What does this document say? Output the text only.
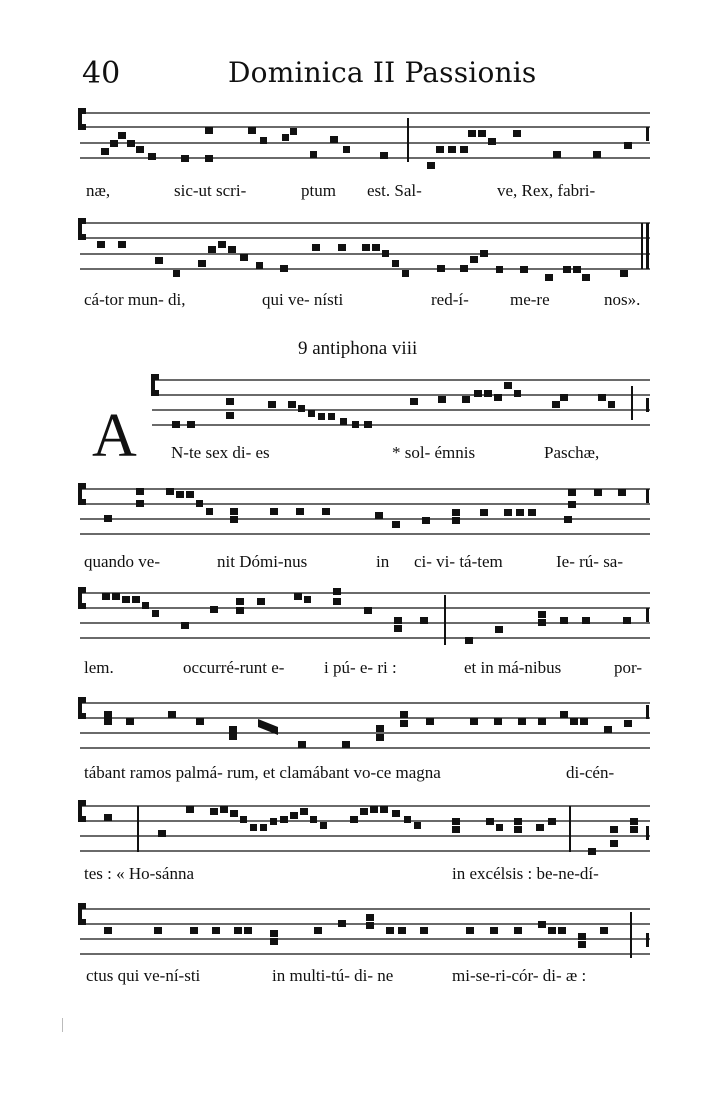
40	Dominica II Passionis
næ,	sic-ut scri-	ptum est. Sal-	ve, Rex, fabri-
cá-tor mun- di,	qui ve- nísti	red-í- me-re	nos».
9 antiphona viii
A N-te sex di- es	* sol- émnis	Paschæ,
quando ve-	nit Dómi-nus	in ci- vi- tá-tem	Ie- rú- sa-
lem.	occurré-runt e- i pú- e- ri :	et in má-nibus	por-
tábant ramos palmá- rum, et clamábant vo-ce magna	di-cén-
tes : « Ho-sánna	in excélsis : be-ne-dí-
ctus qui ve-ní-sti	in multi-tú- di- ne	mi-se-ri-cór- di- æ :
